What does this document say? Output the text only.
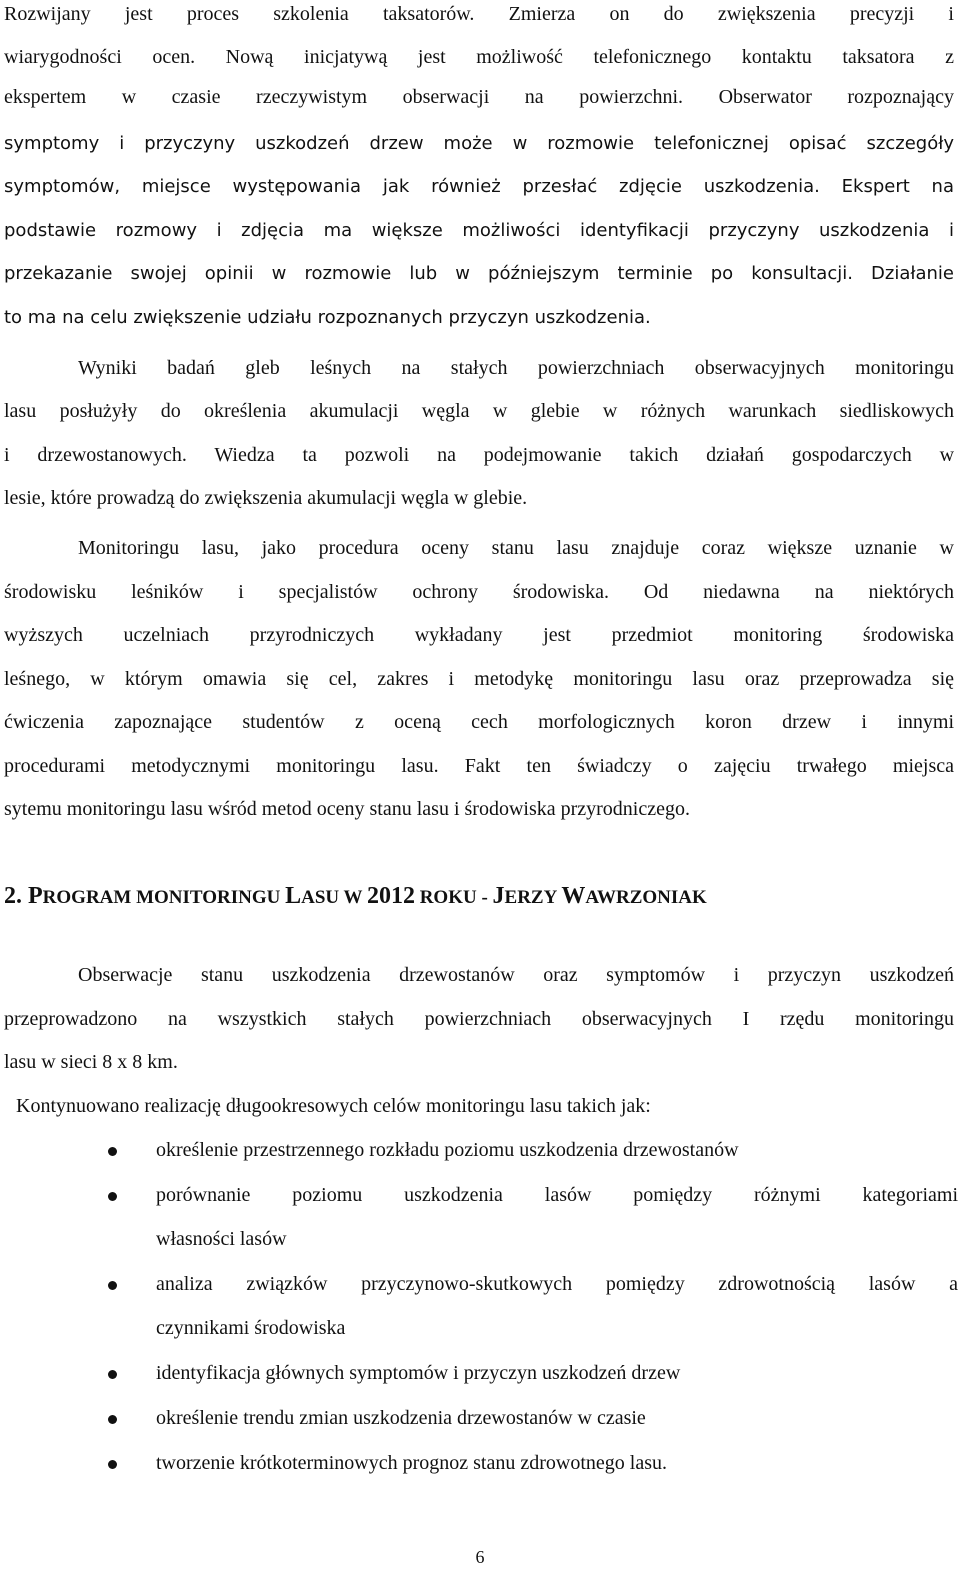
Rozwijany jest proces szkolenia taksatorów. Zmierza on do zwiększenia precyzji i
wiarygodności ocen. Nową inicjatywą jest możliwość telefonicznego kontaktu taksatora z
ekspertem w czasie rzeczywistym obserwacji na powierzchni. Obserwator rozpoznający
symptomy i przyczyny uszkodzeń drzew może w rozmowie telefonicznej opisać szczegóły
symptomów, miejsce występowania jak również przesłać zdjęcie uszkodzenia. Ekspert na
podstawie rozmowy i zdjęcia ma większe możliwości identyfikacji przyczyny uszkodzenia i
przekazanie swojej opinii w rozmowie lub w późniejszym terminie po konsultacji. Działanie
to ma na celu zwiększenie udziału rozpoznanych przyczyn uszkodzenia.
Wyniki badań gleb leśnych na stałych powierzchniach obserwacyjnych monitoringu
lasu posłużyły do określenia akumulacji węgla w glebie w różnych warunkach siedliskowych
i drzewostanowych. Wiedza ta pozwoli na podejmowanie takich działań gospodarczych w
lesie, które prowadzą do zwiększenia akumulacji węgla w glebie.
Monitoringu lasu, jako procedura oceny stanu lasu znajduje coraz większe uznanie w
środowisku leśników i specjalistów ochrony środowiska. Od niedawna na niektórych
wyższych uczelniach przyrodniczych wykładany jest przedmiot monitoring środowiska
leśnego, w którym omawia się cel, zakres i metodykę monitoringu lasu oraz przeprowadza się
ćwiczenia zapoznające studentów z oceną cech morfologicznych koron drzew i innymi
procedurami metodycznymi monitoringu lasu. Fakt ten świadczy o zajęciu trwałego miejsca
sytemu monitoringu lasu wśród metod oceny stanu lasu i środowiska przyrodniczego.
2. PROGRAM MONITORINGU LASU W 2012 ROKU - JERZY WAWRZONIAK
Obserwacje stanu uszkodzenia drzewostanów oraz symptomów i przyczyn uszkodzeń
przeprowadzono na wszystkich stałych powierzchniach obserwacyjnych I rzędu monitoringu
lasu w sieci 8 x 8 km.
Kontynuowano realizację długookresowych celów monitoringu lasu takich jak:
określenie przestrzennego rozkładu poziomu uszkodzenia drzewostanów
porównanie poziomu uszkodzenia lasów pomiędzy różnymi kategoriami
własności lasów
analiza związków przyczynowo-skutkowych pomiędzy zdrowotnością lasów a
czynnikami środowiska
identyfikacja głównych symptomów i przyczyn uszkodzeń drzew
określenie trendu zmian uszkodzenia drzewostanów w czasie
tworzenie krótkoterminowych prognoz stanu zdrowotnego lasu.
6
